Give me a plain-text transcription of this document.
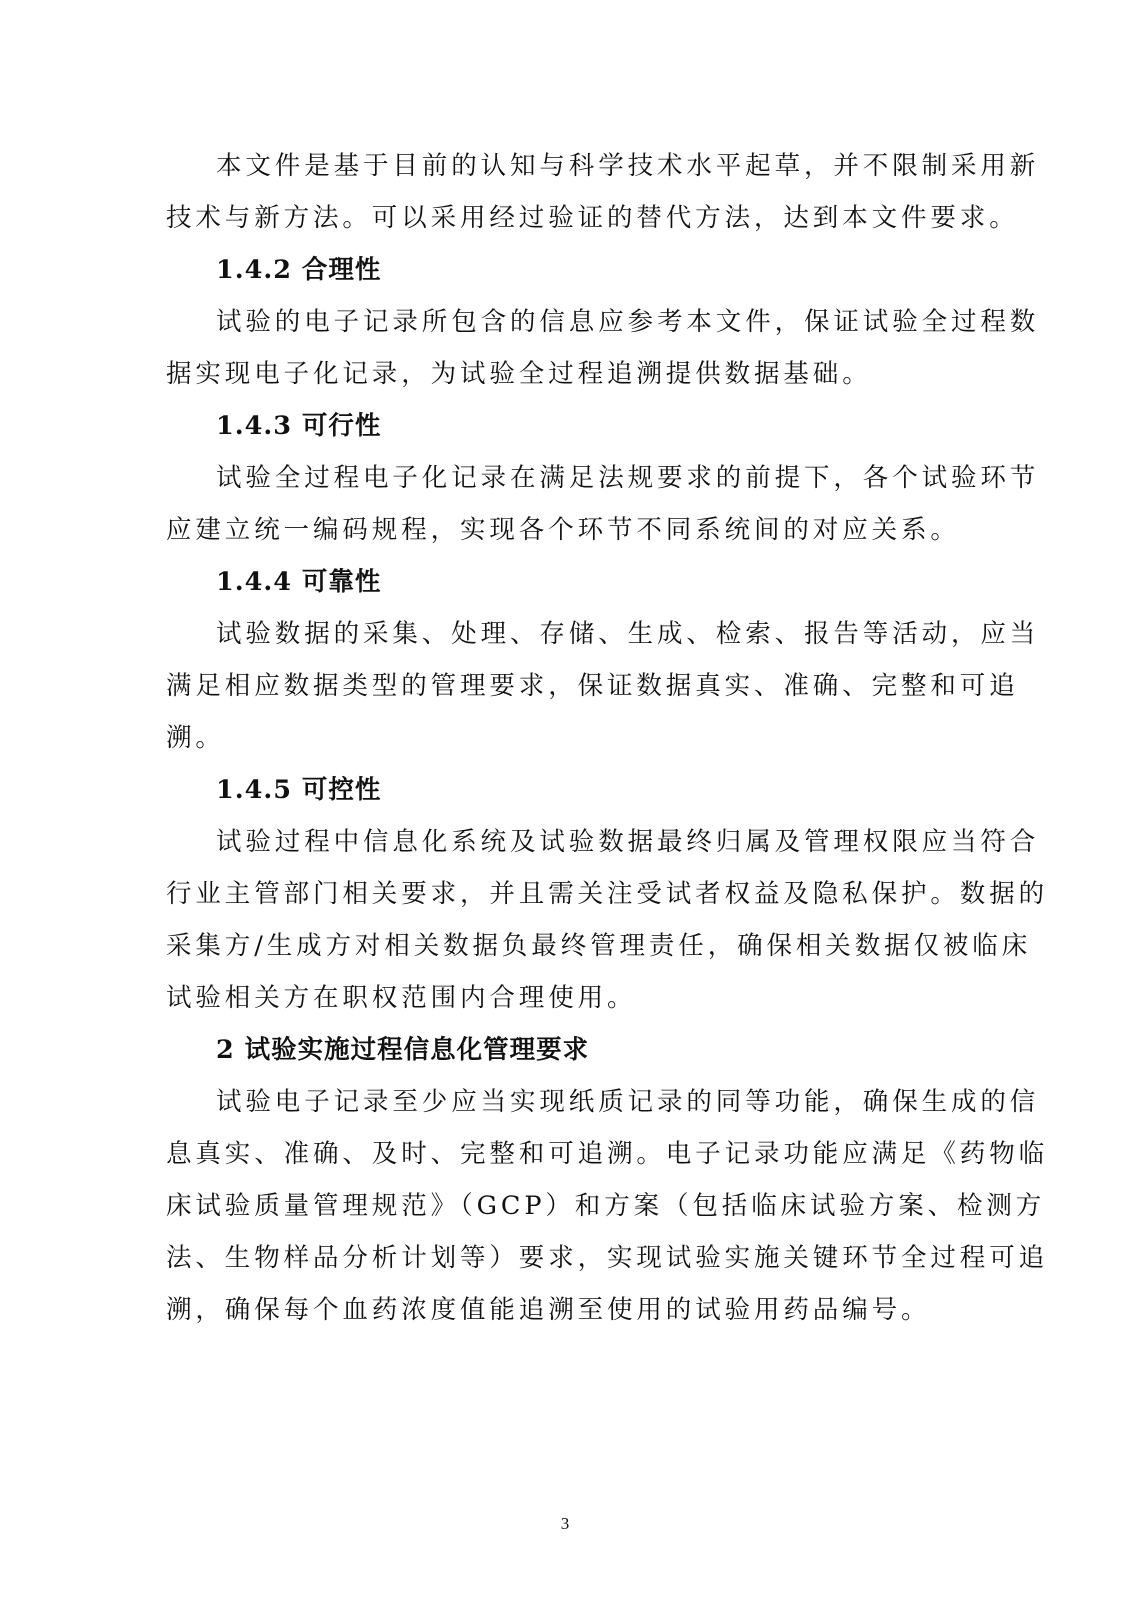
本文件是基于目前的认知与科学技术水平起草，并不限制采用新
技术与新方法。可以采用经过验证的替代方法，达到本文件要求。
1.4.2 合理性
试验的电子记录所包含的信息应参考本文件，保证试验全过程数
据实现电子化记录，为试验全过程追溯提供数据基础。
1.4.3 可行性
试验全过程电子化记录在满足法规要求的前提下，各个试验环节
应建立统一编码规程，实现各个环节不同系统间的对应关系。
1.4.4 可靠性
试验数据的采集、处理、存储、生成、检索、报告等活动，应当
满足相应数据类型的管理要求，保证数据真实、准确、完整和可追
溯。
1.4.5 可控性
试验过程中信息化系统及试验数据最终归属及管理权限应当符合
行业主管部门相关要求，并且需关注受试者权益及隐私保护。数据的
采集方/生成方对相关数据负最终管理责任，确保相关数据仅被临床
试验相关方在职权范围内合理使用。
2 试验实施过程信息化管理要求
试验电子记录至少应当实现纸质记录的同等功能，确保生成的信
息真实、准确、及时、完整和可追溯。电子记录功能应满足《药物临
床试验质量管理规范》（GCP）和方案（包括临床试验方案、检测方
法、生物样品分析计划等）要求，实现试验实施关键环节全过程可追
溯，确保每个血药浓度值能追溯至使用的试验用药品编号。
3
